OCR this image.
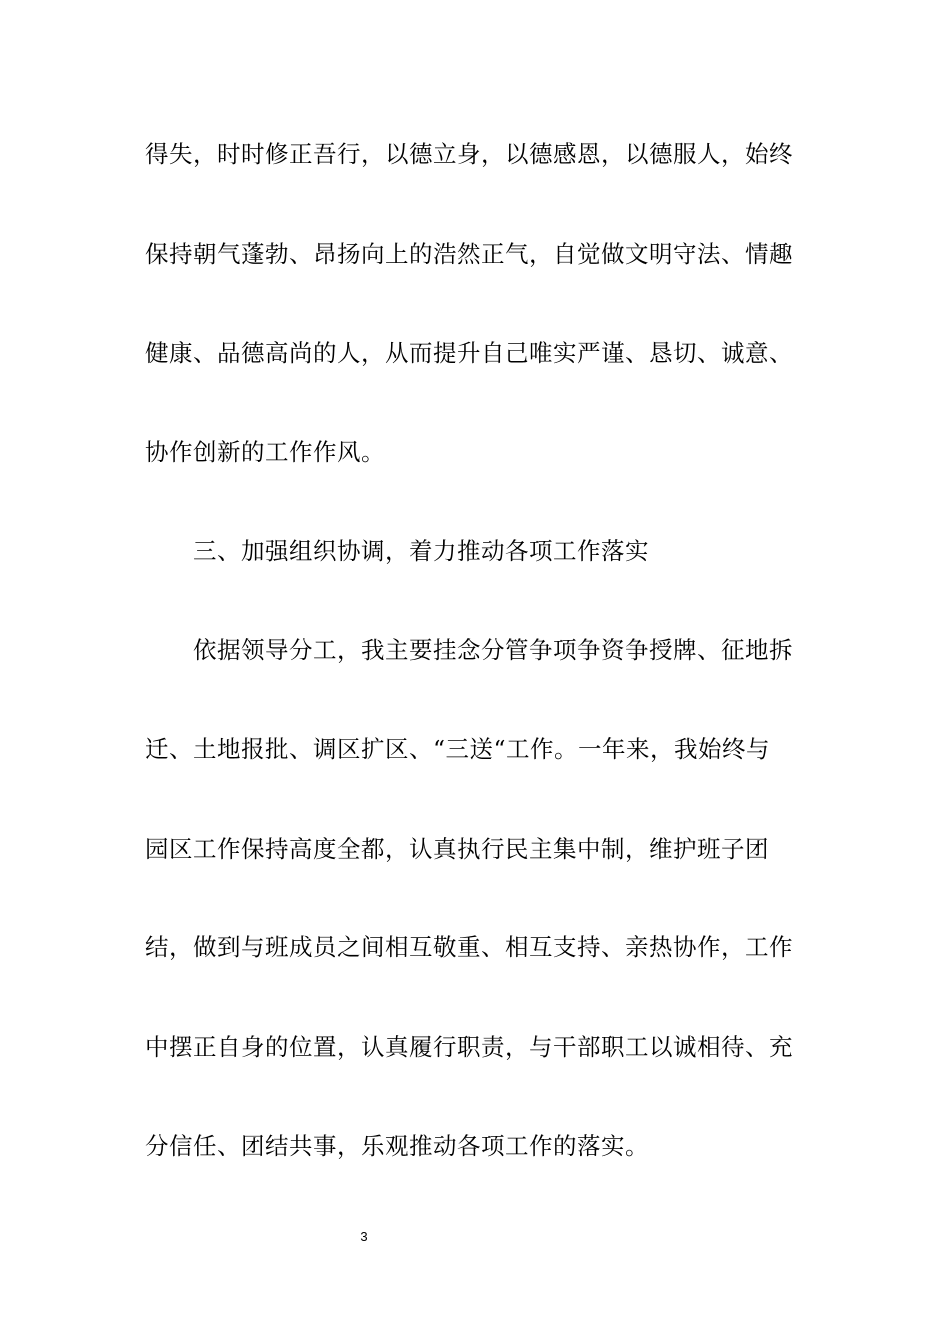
得失，时时修正吾行，以德立身，以德感恩，以德服人，始终
保持朝气蓬勃、昂扬向上的浩然正气，自觉做文明守法、情趣
健康、品德高尚的人，从而提升自己唯实严谨、恳切、诚意、
协作创新的工作作风。
三、加强组织协调，着力推动各项工作落实
依据领导分工，我主要挂念分管争项争资争授牌、征地拆
迁、土地报批、调区扩区、“三送“工作。一年来，我始终与
园区工作保持高度全都，认真执行民主集中制，维护班子团
结，做到与班成员之间相互敬重、相互支持、亲热协作，工作
中摆正自身的位置，认真履行职责，与干部职工以诚相待、充
分信任、团结共事，乐观推动各项工作的落实。
3
